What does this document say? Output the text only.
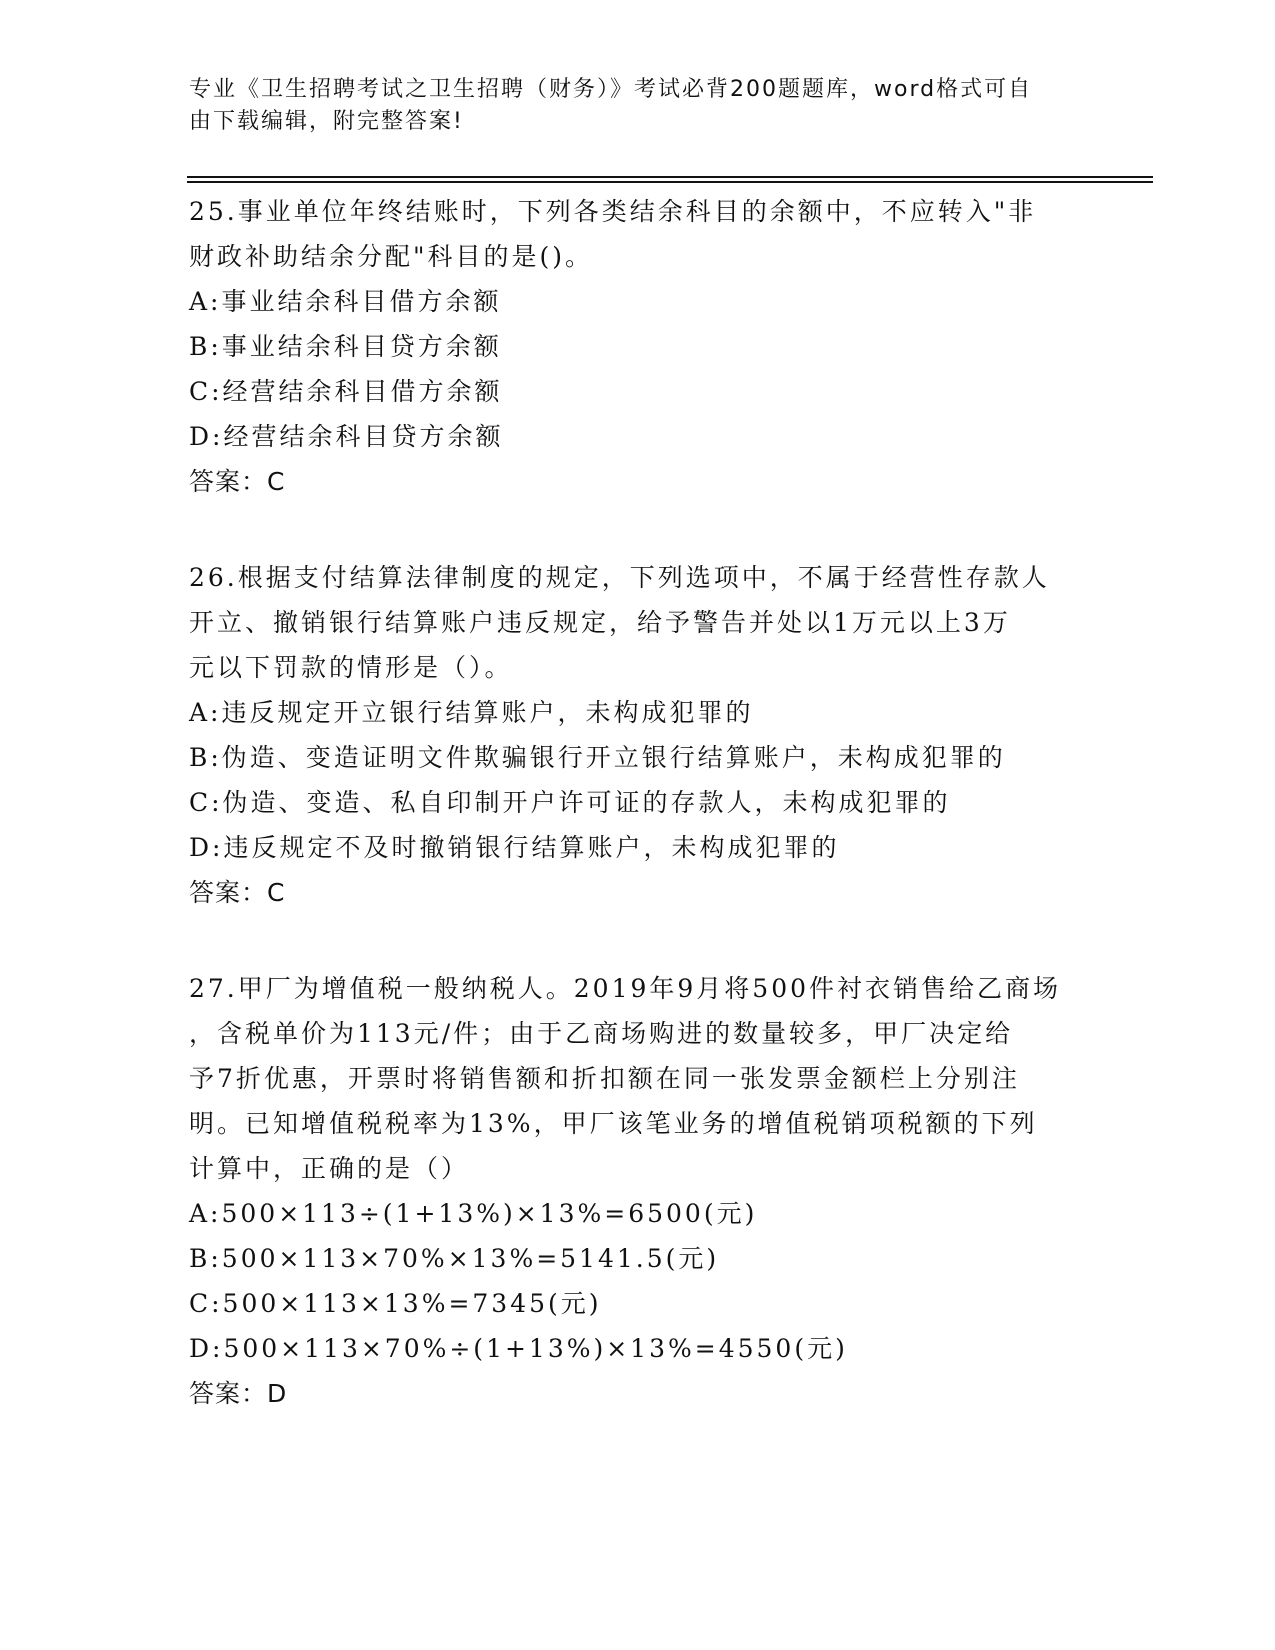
专业《卫生招聘考试之卫生招聘（财务）》考试必背200题题库，word格式可自
由下载编辑，附完整答案!

25.事业单位年终结账时，下列各类结余科目的余额中，不应转入"非

财政补助结余分配"科目的是()。

A:事业结余科目借方余额

B:事业结余科目贷方余额

C:经营结余科目借方余额

D:经营结余科目贷方余额

答案：C

26.根据支付结算法律制度的规定，下列选项中，不属于经营性存款人

开立、撤销银行结算账户违反规定，给予警告并处以1万元以上3万

元以下罚款的情形是（）。

A:违反规定开立银行结算账户，未构成犯罪的

B:伪造、变造证明文件欺骗银行开立银行结算账户，未构成犯罪的

C:伪造、变造、私自印制开户许可证的存款人，未构成犯罪的

D:违反规定不及时撤销银行结算账户，未构成犯罪的

答案：C

27.甲厂为增值税一般纳税人。2019年9月将500件衬衣销售给乙商场

，含税单价为113元/件；由于乙商场购进的数量较多，甲厂决定给

予7折优惠，开票时将销售额和折扣额在同一张发票金额栏上分别注

明。已知增值税税率为13%，甲厂该笔业务的增值税销项税额的下列

计算中，正确的是（）

A:500×113÷(1+13%)×13%=6500(元)

B:500×113×70%×13%=5141.5(元)

C:500×113×13%=7345(元)

D:500×113×70%÷(1+13%)×13%=4550(元)

答案：D
